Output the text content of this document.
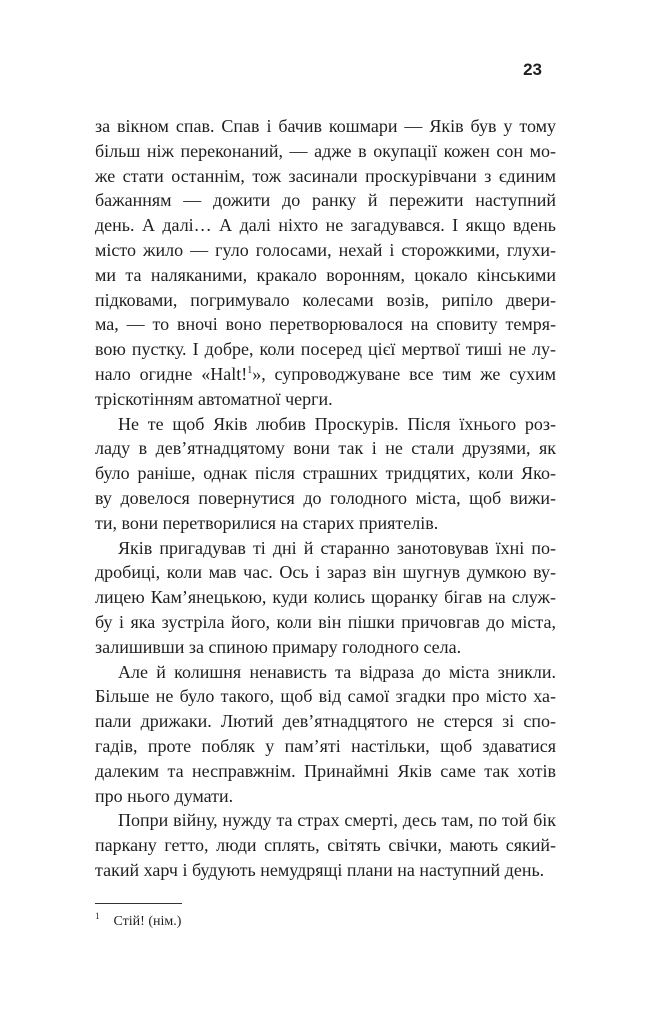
23
за вікном спав. Спав і бачив кошмари — Яків був у тому
більш ніж переконаний, — адже в окупації кожен сон мо-
же стати останнім, тож засинали проскурівчани з єдиним
бажанням — дожити до ранку й пережити наступний
день. А далі… А далі ніхто не загадувався. І якщо вдень
місто жило — гуло голосами, нехай і сторожкими, глухи-
ми та наляканими, кракало воронням, цокало кінськими
підковами, погримувало колесами возів, рипіло двери-
ма, — то вночі воно перетворювалося на сповиту темря-
вою пустку. І добре, коли посеред цієї мертвої тиші не лу-
нало огидне «Halt!$^1$», супроводжуване все тим же сухим
тріскотінням автоматної черги.
Не те щоб Яків любив Проскурів. Після їхнього роз-
ладу в дев’ятнадцятому вони так і не стали друзями, як
було раніше, однак після страшних тридцятих, коли Яко-
ву довелося повернутися до голодного міста, щоб вижи-
ти, вони перетворилися на старих приятелів.
Яків пригадував ті дні й старанно занотовував їхні по-
дробиці, коли мав час. Ось і зараз він шугнув думкою ву-
лицею Кам’янецькою, куди колись щоранку бігав на служ-
бу і яка зустріла його, коли він пішки причовгав до міста,
залишивши за спиною примару голодного села.
Але й колишня ненависть та відраза до міста зникли.
Більше не було такого, щоб від самої згадки про місто ха-
пали дрижаки. Лютий дев’ятнадцятого не стерся зі спо-
гадів, проте побляк у пам’яті настільки, щоб здаватися
далеким та несправжнім. Принаймні Яків саме так хотів
про нього думати.
Попри війну, нужду та страх смерті, десь там, по той бік
паркану гетто, люди сплять, світять свічки, мають сякий-
такий харч і будують немудрящі плани на наступний день.
$^1$ Стій! (нім.)
